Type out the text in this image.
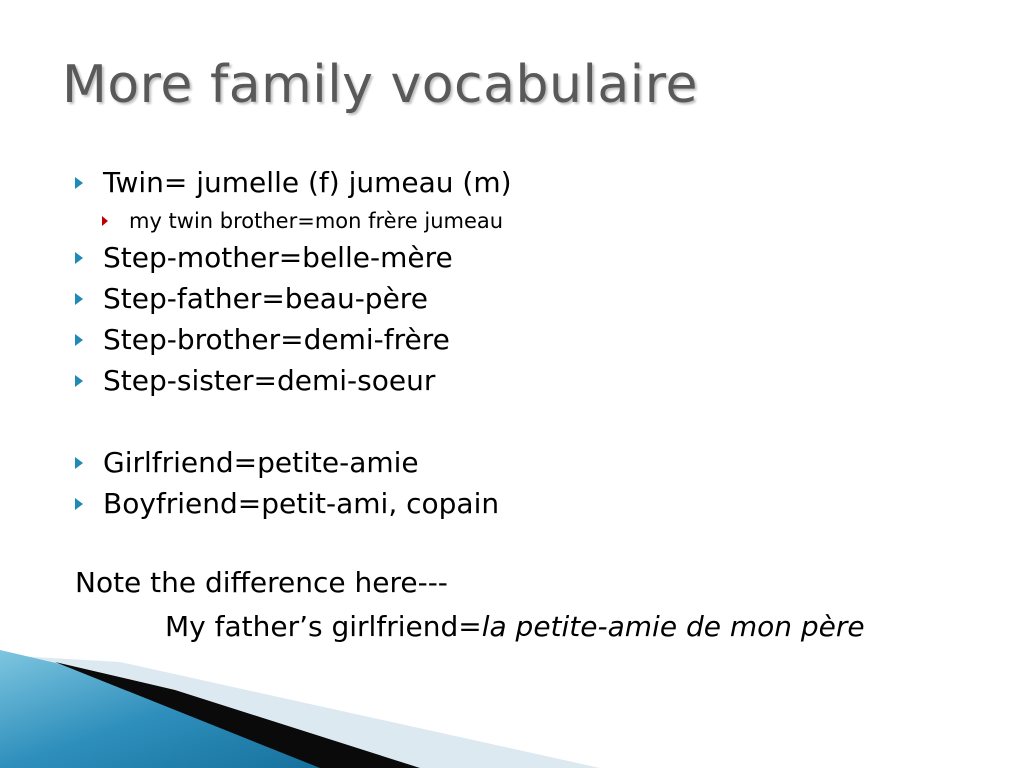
More family vocabulaire
Twin= jumelle (f) jumeau (m)
my twin brother=mon frère jumeau
Step-mother=belle-mère
Step-father=beau-père
Step-brother=demi-frère
Step-sister=demi-soeur
Girlfriend=petite-amie
Boyfriend=petit-ami, copain
Note the difference here---
My father’s girlfriend=la petite-amie de mon père
